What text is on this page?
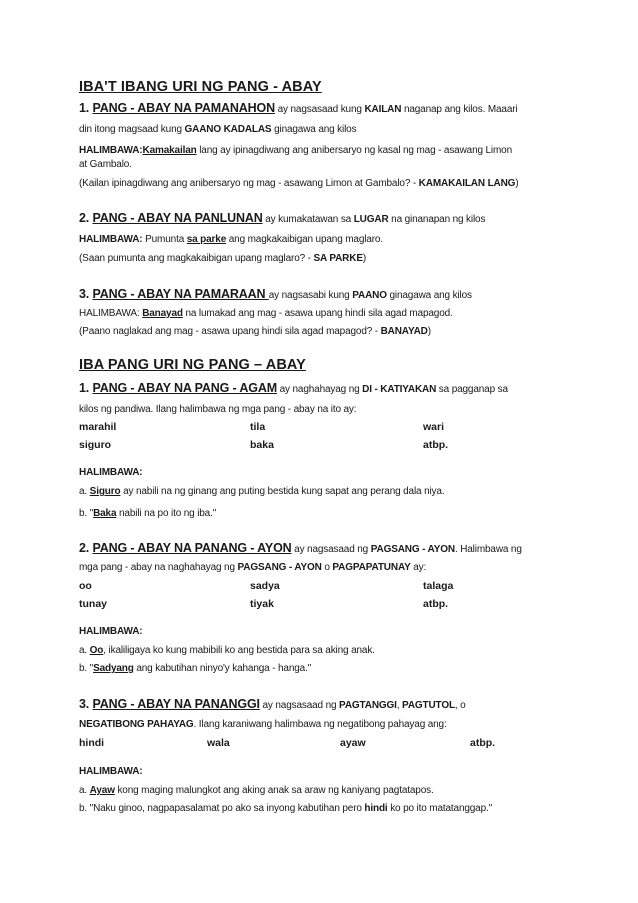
IBA'T IBANG URI NG PANG - ABAY
1. PANG - ABAY NA PAMANAHON ay nagsasaad kung KAILAN naganap ang kilos. Maaari
din itong magsaad kung GAANO KADALAS ginagawa ang kilos
HALIMBAWA:Kamakailan lang ay ipinagdiwang ang anibersaryo ng kasal ng mag - asawang Limon
at Gambalo.
(Kailan ipinagdiwang ang anibersaryo ng mag - asawang Limon at Gambalo? - KAMAKAILAN LANG)
2. PANG - ABAY NA PANLUNAN ay kumakatawan sa LUGAR na ginanapan ng kilos
HALIMBAWA: Pumunta sa parke ang magkakaibigan upang maglaro.
(Saan pumunta ang magkakaibigan upang maglaro? - SA PARKE)
3. PANG - ABAY NA PAMARAAN ay nagsasabi kung PAANO ginagawa ang kilos
HALIMBAWA: Banayad na lumakad ang mag - asawa upang hindi sila agad mapagod.
(Paano naglakad ang mag - asawa upang hindi sila agad mapagod? - BANAYAD)
IBA PANG URI NG PANG – ABAY
1. PANG - ABAY NA PANG - AGAM ay naghahayag ng DI - KATIYAKAN sa pagganap sa
kilos ng pandiwa. Ilang halimbawa ng mga pang - abay na ito ay:
marahil	tila	wari
siguro	baka	atbp.
HALIMBAWA:
a. Siguro ay nabili na ng ginang ang puting bestida kung sapat ang perang dala niya.
b. "Baka nabili na po ito ng iba."
2. PANG - ABAY NA PANANG - AYON ay nagsasaad ng PAGSANG - AYON. Halimbawa ng
mga pang - abay na naghahayag ng PAGSANG - AYON o PAGPAPATUNAY ay:
oo	sadya	talaga
tunay	tiyak	atbp.
HALIMBAWA:
a. Oo, ikaliligaya ko kung mabibili ko ang bestida para sa aking anak.
b. "Sadyang ang kabutihan ninyo'y kahanga - hanga."
3. PANG - ABAY NA PANANGGI ay nagsasaad ng PAGTANGGI, PAGTUTOL, o
NEGATIBONG PAHAYAG. Ilang karaniwang halimbawa ng negatibong pahayag ang:
hindi	wala	ayaw	atbp.
HALIMBAWA:
a. Ayaw kong maging malungkot ang aking anak sa araw ng kaniyang pagtatapos.
b. "Naku ginoo, nagpapasalamat po ako sa inyong kabutihan pero hindi ko po ito matatanggap."
